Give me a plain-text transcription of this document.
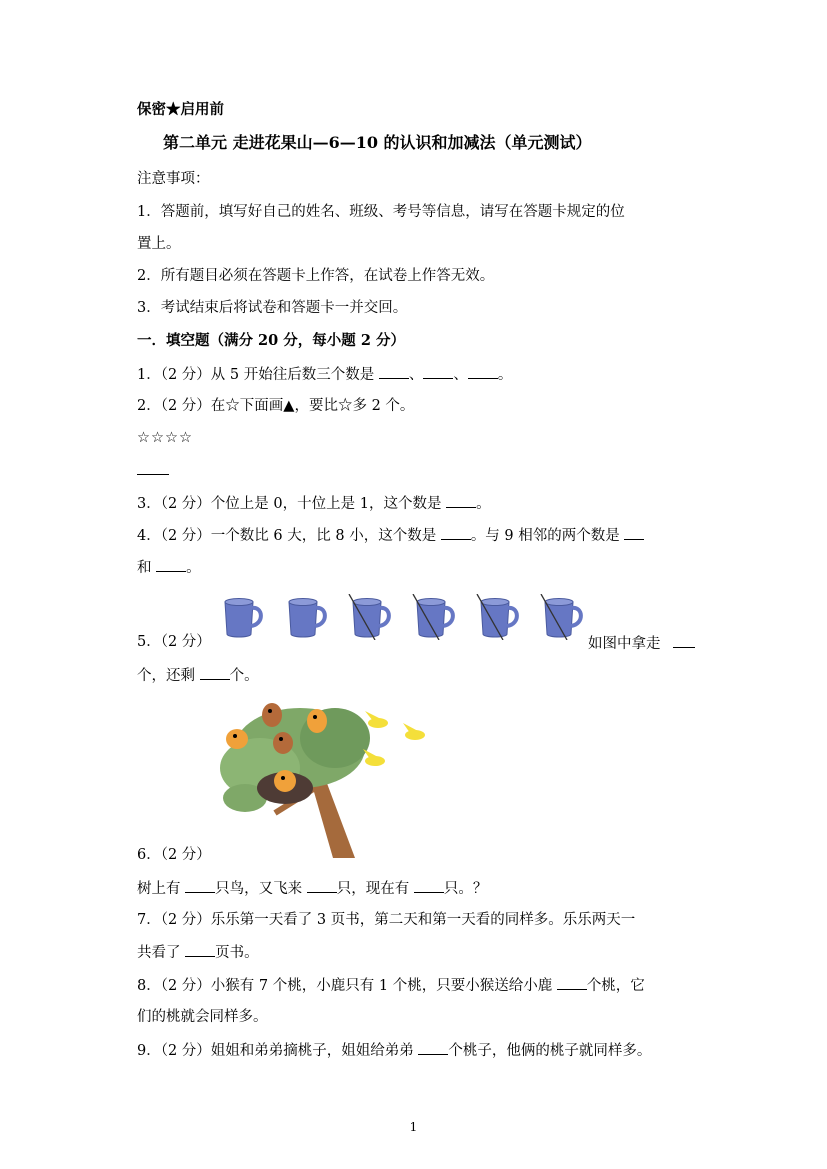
保密★启用前
第二单元 走进花果山—6—10 的认识和加减法（单元测试）
注意事项：
1．答题前，填写好自己的姓名、班级、考号等信息，请写在答题卡规定的位
置上。
2．所有题目必须在答题卡上作答，在试卷上作答无效。
3．考试结束后将试卷和答题卡一并交回。
一．填空题（满分 20 分，每小题 2 分）
1．（2 分）从 5 开始往后数三个数是 、 、 。
2．（2 分）在☆下面画▲，要比☆多 2 个。
☆☆☆☆
3．（2 分）个位上是 0，十位上是 1，这个数是 。
4．（2 分）一个数比 6 大，比 8 小，这个数是 。与 9 相邻的两个数是
和 。
5．（2 分）	如图中拿走
个，还剩 个。
6．（2 分）
树上有 只鸟，又飞来 只，现在有 只。？
7．（2 分）乐乐第一天看了 3 页书，第二天和第一天看的同样多。乐乐两天一
共看了 页书。
8．（2 分）小猴有 7 个桃，小鹿只有 1 个桃，只要小猴送给小鹿 个桃，它
们的桃就会同样多。
9．（2 分）姐姐和弟弟摘桃子，姐姐给弟弟 个桃子，他俩的桃子就同样多。
1
